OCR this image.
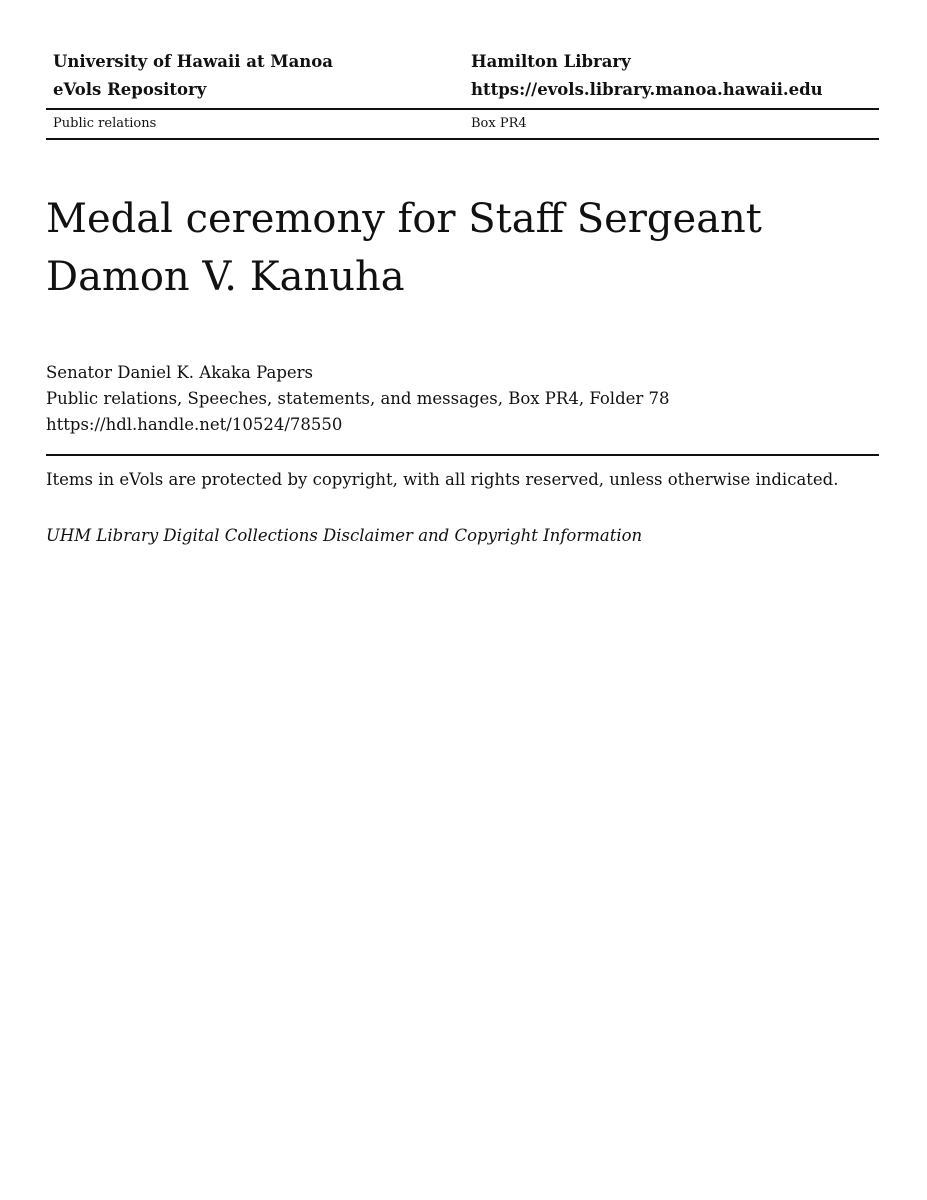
University of Hawaii at Manoa	Hamilton Library
eVols Repository	https://evols.library.manoa.hawaii.edu
Public relations	Box PR4
Medal ceremony for Staff Sergeant
Damon V. Kanuha
Senator Daniel K. Akaka Papers
Public relations, Speeches, statements, and messages, Box PR4, Folder 78
https://hdl.handle.net/10524/78550
Items in eVols are protected by copyright, with all rights reserved, unless otherwise indicated.
UHM Library Digital Collections Disclaimer and Copyright Information
